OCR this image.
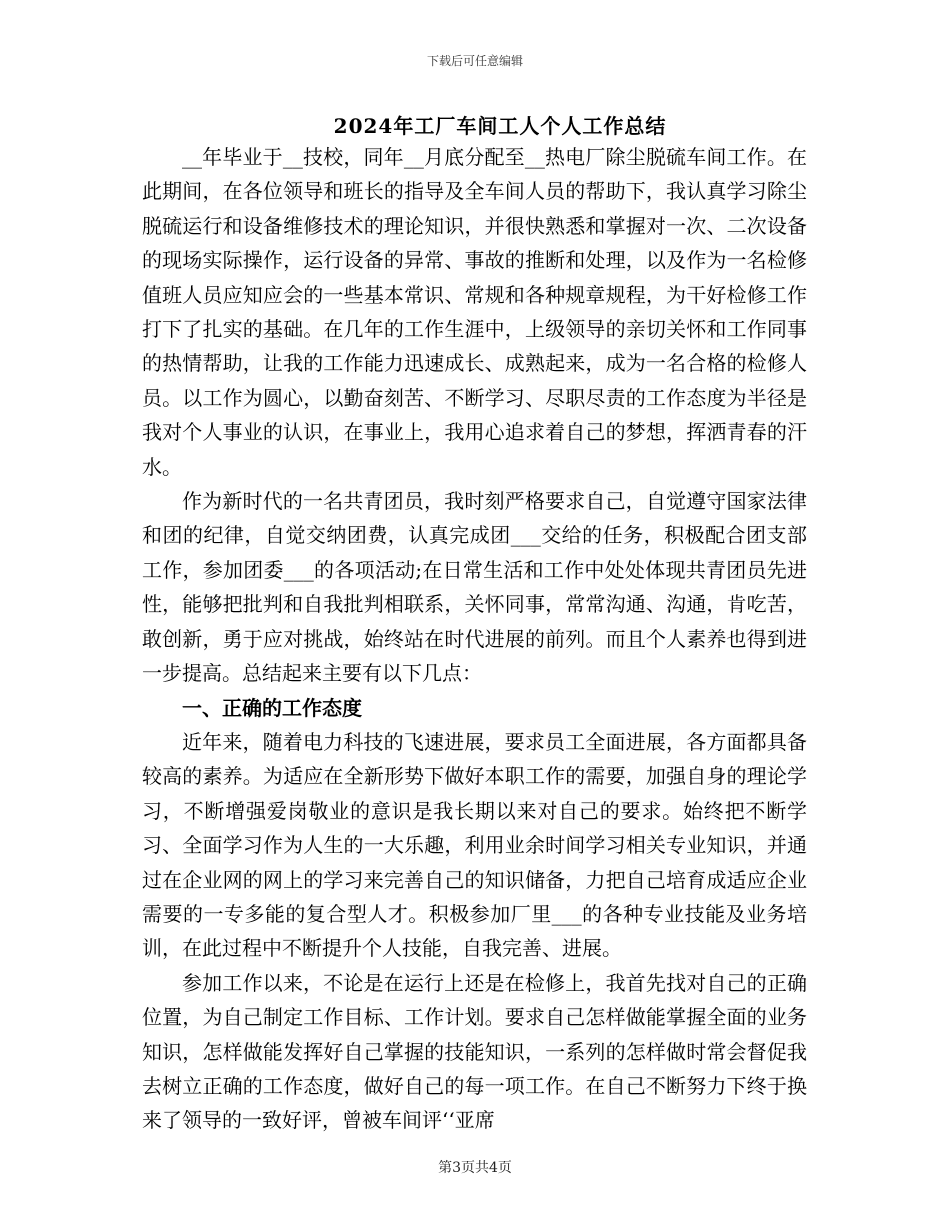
下载后可任意编辑
2024年工厂车间工人个人工作总结

__年毕业于__技校，同年__月底分配至__热电厂除尘脱硫车间工作。在此期间，在各位领导和班长的指导及全车间人员的帮助下，我认真学习除尘脱硫运行和设备维修技术的理论知识，并很快熟悉和掌握对一次、二次设备的现场实际操作，运行设备的异常、事故的推断和处理，以及作为一名检修值班人员应知应会的一些基本常识、常规和各种规章规程，为干好检修工作打下了扎实的基础。在几年的工作生涯中，上级领导的亲切关怀和工作同事的热情帮助，让我的工作能力迅速成长、成熟起来，成为一名合格的检修人员。以工作为圆心，以勤奋刻苦、不断学习、尽职尽责的工作态度为半径是我对个人事业的认识，在事业上，我用心追求着自己的梦想，挥洒青春的汗水。

作为新时代的一名共青团员，我时刻严格要求自己，自觉遵守国家法律和团的纪律，自觉交纳团费，认真完成团___交给的任务，积极配合团支部工作，参加团委___的各项活动;在日常生活和工作中处处体现共青团员先进性，能够把批判和自我批判相联系，关怀同事，常常沟通、沟通，肯吃苦，敢创新，勇于应对挑战，始终站在时代进展的前列。而且个人素养也得到进一步提高。总结起来主要有以下几点：

一、正确的工作态度

近年来，随着电力科技的飞速进展，要求员工全面进展，各方面都具备较高的素养。为适应在全新形势下做好本职工作的需要，加强自身的理论学习，不断增强爱岗敬业的意识是我长期以来对自己的要求。始终把不断学习、全面学习作为人生的一大乐趣，利用业余时间学习相关专业知识，并通过在企业网的网上的学习来完善自己的知识储备，力把自己培育成适应企业需要的一专多能的复合型人才。积极参加厂里___的各种专业技能及业务培训，在此过程中不断提升个人技能，自我完善、进展。

参加工作以来，不论是在运行上还是在检修上，我首先找对自己的正确位置，为自己制定工作目标、工作计划。要求自己怎样做能掌握全面的业务知识，怎样做能发挥好自己掌握的技能知识，一系列的怎样做时常会督促我去树立正确的工作态度，做好自己的每一项工作。在自己不断努力下终于换来了领导的一致好评，曾被车间评‘‘亚席

第3页共4页
